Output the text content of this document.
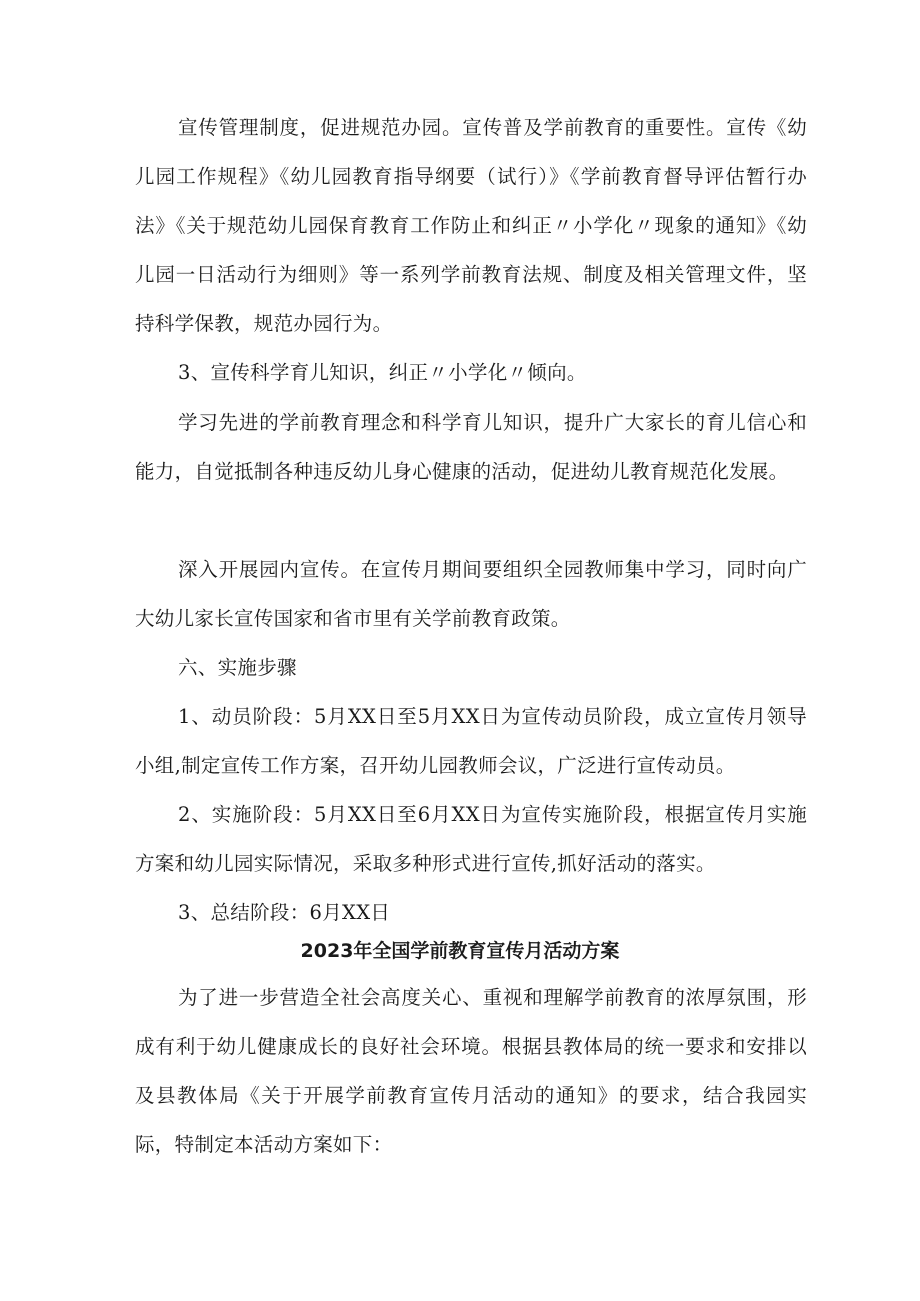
宣传管理制度，促进规范办园。宣传普及学前教育的重要性。宣传《幼儿园工作规程》《幼儿园教育指导纲要（试行）》《学前教育督导评估暂行办法》《关于规范幼儿园保育教育工作防止和纠正〃小学化〃现象的通知》《幼儿园一日活动行为细则》等一系列学前教育法规、制度及相关管理文件，坚持科学保教，规范办园行为。

3、宣传科学育儿知识，纠正〃小学化〃倾向。

学习先进的学前教育理念和科学育儿知识，提升广大家长的育儿信心和能力，自觉抵制各种违反幼儿身心健康的活动，促进幼儿教育规范化发展。

深入开展园内宣传。在宣传月期间要组织全园教师集中学习，同时向广大幼儿家长宣传国家和省市里有关学前教育政策。

六、实施步骤

1、动员阶段：5月XX日至5月XX日为宣传动员阶段，成立宣传月领导小组,制定宣传工作方案，召开幼儿园教师会议，广泛进行宣传动员。

2、实施阶段：5月XX日至6月XX日为宣传实施阶段，根据宣传月实施方案和幼儿园实际情况，采取多种形式进行宣传,抓好活动的落实。

3、总结阶段：6月XX日

2023年全国学前教育宣传月活动方案

为了进一步营造全社会高度关心、重视和理解学前教育的浓厚氛围，形成有利于幼儿健康成长的良好社会环境。根据县教体局的统一要求和安排以及县教体局《关于开展学前教育宣传月活动的通知》的要求，结合我园实际，特制定本活动方案如下：
